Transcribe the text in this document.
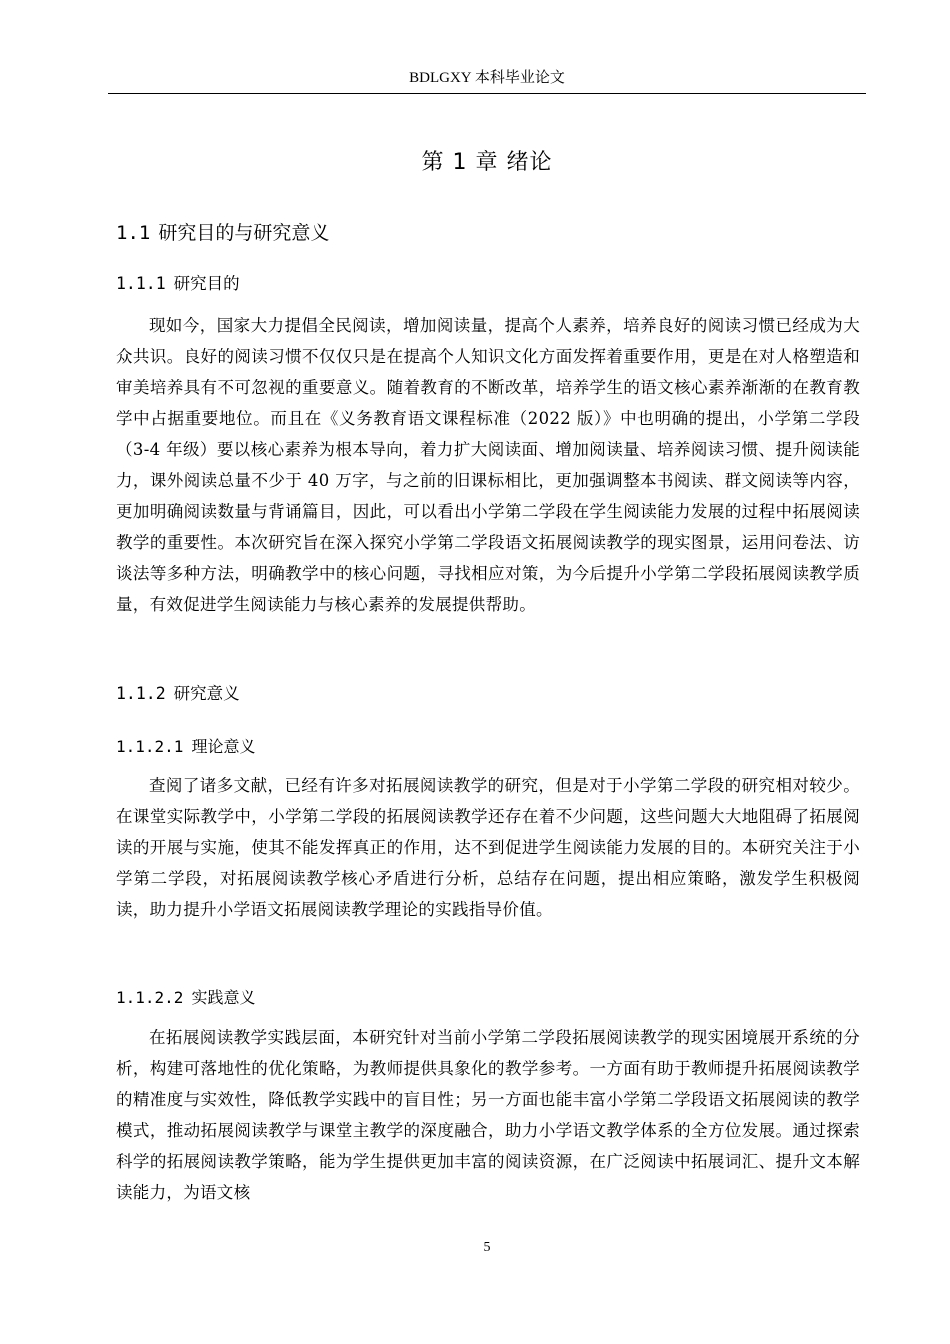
BDLGXY 本科毕业论文
第 1 章 绪论
1.1 研究目的与研究意义
1.1.1 研究目的

现如今，国家大力提倡全民阅读，增加阅读量，提高个人素养，培养良好的阅读习惯已经成为大众共识。良好的阅读习惯不仅仅只是在提高个人知识文化方面发挥着重要作用，更是在对人格塑造和审美培养具有不可忽视的重要意义。随着教育的不断改革，培养学生的语文核心素养渐渐的在教育教学中占据重要地位。而且在《义务教育语文课程标准（2022 版）》中也明确的提出，小学第二学段（3-4 年级）要以核心素养为根本导向，着力扩大阅读面、增加阅读量、培养阅读习惯、提升阅读能力，课外阅读总量不少于 40 万字，与之前的旧课标相比，更加强调整本书阅读、群文阅读等内容，更加明确阅读数量与背诵篇目，因此，可以看出小学第二学段在学生阅读能力发展的过程中拓展阅读教学的重要性。本次研究旨在深入探究小学第二学段语文拓展阅读教学的现实图景，运用问卷法、访谈法等多种方法，明确教学中的核心问题，寻找相应对策，为今后提升小学第二学段拓展阅读教学质量，有效促进学生阅读能力与核心素养的发展提供帮助。

1.1.2 研究意义
1.1.2.1 理论意义

查阅了诸多文献，已经有许多对拓展阅读教学的研究，但是对于小学第二学段的研究相对较少。在课堂实际教学中，小学第二学段的拓展阅读教学还存在着不少问题，这些问题大大地阻碍了拓展阅读的开展与实施，使其不能发挥真正的作用，达不到促进学生阅读能力发展的目的。本研究关注于小学第二学段，对拓展阅读教学核心矛盾进行分析，总结存在问题，提出相应策略，激发学生积极阅读，助力提升小学语文拓展阅读教学理论的实践指导价值。

1.1.2.2 实践意义

在拓展阅读教学实践层面，本研究针对当前小学第二学段拓展阅读教学的现实困境展开系统的分析，构建可落地性的优化策略，为教师提供具象化的教学参考。一方面有助于教师提升拓展阅读教学的精准度与实效性，降低教学实践中的盲目性；另一方面也能丰富小学第二学段语文拓展阅读的教学模式，推动拓展阅读教学与课堂主教学的深度融合，助力小学语文教学体系的全方位发展。通过探索科学的拓展阅读教学策略，能为学生提供更加丰富的阅读资源，在广泛阅读中拓展词汇、提升文本解读能力，为语文核

5
